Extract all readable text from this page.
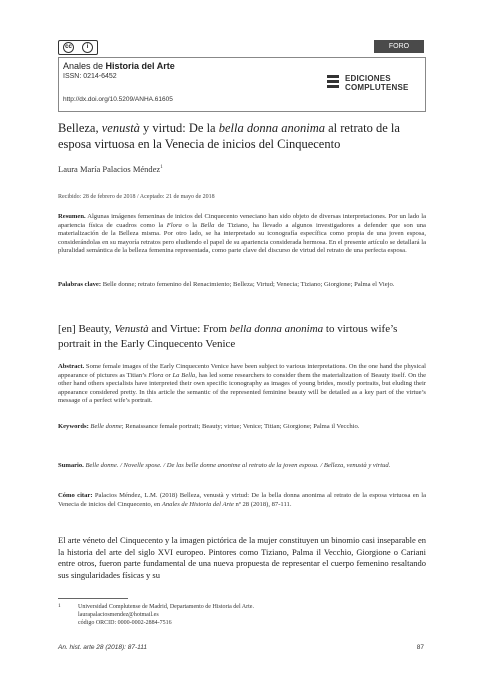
cc	i	FORO
Anales de Historia del Arte
ISSN: 0214-6452
http://dx.doi.org/10.5209/ANHA.61605
EDICIONES
COMPLUTENSE
Belleza, venustà y virtud: De la bella donna anonima al retrato de la esposa virtuosa en la Venecia de inicios del Cinquecento
Laura María Palacios Méndez$^1$
Recibido: 28 de febrero de 2018 / Aceptado: 21 de mayo de 2018
Resumen. Algunas imágenes femeninas de inicios del Cinquecento veneciano han sido objeto de diversas interpretaciones. Por un lado la apariencia física de cuadros como la Flora o la Bella de Tiziano, ha llevado a algunos investigadores a defender que son una materialización de la Belleza misma. Por otro lado, se ha interpretado su iconografía específica como propia de una joven esposa, considerándolas en su mayoría retratos pero eludiendo el papel de su apariencia considerada hermosa. En el presente artículo se detallará la pluralidad semántica de la belleza femenina representada, como parte clave del discurso de virtud del retrato de una perfecta esposa.
Palabras clave: Belle donne; retrato femenino del Renacimiento; Belleza; Virtud; Venecia; Tiziano; Giorgione; Palma el Viejo.
[en] Beauty, Venustà and Virtue: From bella donna anonima to virtous wife’s portrait in the Early Cinquecento Venice
Abstract. Some female images of the Early Cinquecento Venice have been subject to various interpretations. On the one hand the physical appearance of pictures as Titian’s Flora or La Bella, has led some researchers to consider them the materialization of Beauty itself. On the other hand others specialists have interpreted their own specific iconography as images of young brides, mostly portraits, but eluding their appearance considered pretty. In this article the semantic of the represented feminine beauty will be detailed as a key part of the virtue’s message of a perfect wife’s portrait.
Keywords: Belle donne; Renaissance female portrait; Beauty; virtue; Venice; Titian; Giorgione; Palma il Vecchio.
Sumario. Belle donne. / Novelle spose. / De las belle donne anonime al retrato de la joven esposa. / Belleza, venustà y virtud.
Cómo citar: Palacios Méndez, L.M. (2018) Belleza, venustà y virtud: De la bella donna anonima al retrato de la esposa virtuosa en la Venecia de inicios del Cinquecento, en Anales de Historia del Arte nº 28 (2018), 87-111.
El arte véneto del Cinquecento y la imagen pictórica de la mujer constituyen un binomio casi inseparable en la historia del arte del siglo XVI europeo. Pintores como Tiziano, Palma il Vecchio, Giorgione o Cariani entre otros, fueron parte fundamental de una nueva propuesta de representar el cuerpo femenino resaltando sus singularidades físicas y su
1	Universidad Complutense de Madrid, Departamento de Historia del Arte.
laurapalaciosmendez@hotmail.es
código ORCID: 0000-0002-2884-7516
An. hist. arte 28 (2018): 87-111	87
